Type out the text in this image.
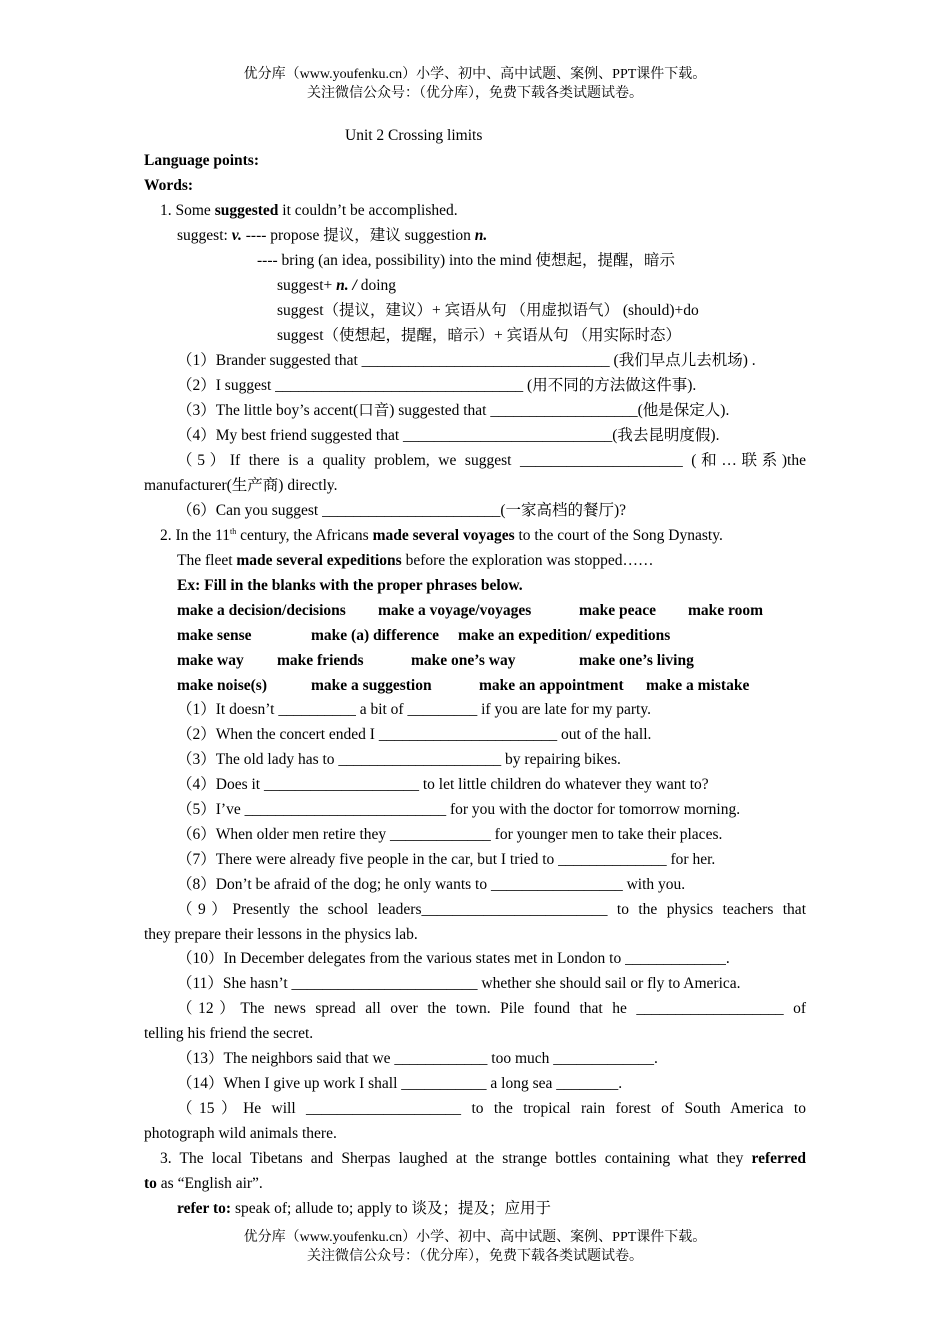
优分库（www.youfenku.cn）小学、初中、高中试题、案例、PPT课件下载。
关注微信公众号：（优分库），免费下载各类试题试卷。
Unit 2 Crossing limits
Language points:
Words:
1. Some suggested it couldn’t be accomplished.
suggest: v. ---- propose 提议，建议 suggestion n.
---- bring (an idea, possibility) into the mind 使想起，提醒，暗示
suggest+ n. / doing
suggest（提议，建议）+ 宾语从句 （用虚拟语气） (should)+do
suggest（使想起，提醒，暗示）+ 宾语从句 （用实际时态）
（1）Brander suggested that ________________________________ (我们早点儿去机场) .
（2）I suggest ________________________________ (用不同的方法做这件事).
（3）The little boy’s accent(口音) suggested that ___________________(他是保定人).
（4）My best friend suggested that ___________________________(我去昆明度假).
（5）If there is a quality problem, we suggest _____________________ (和…联系)the
manufacturer(生产商) directly.
（6）Can you suggest _______________________(一家高档的餐厅)?
2. In the 11th century, the Africans made several voyages to the court of the Song Dynasty.
The fleet made several expeditions before the exploration was stopped……
Ex: Fill in the blanks with the proper phrases below.
make a decision/decisions make a voyage/voyages	make peace make room
make sense	make (a) difference make an expedition/ expeditions
make way make friends	make one’s way	make one’s living
make noise(s)	make a suggestion	make an appointment make a mistake
（1）It doesn’t __________ a bit of _________ if you are late for my party.
（2）When the concert ended I _______________________ out of the hall.
（3）The old lady has to _____________________ by repairing bikes.
（4）Does it ____________________ to let little children do whatever they want to?
（5）I’ve __________________________ for you with the doctor for tomorrow morning.
（6）When older men retire they _____________ for younger men to take their places.
（7）There were already five people in the car, but I tried to ______________ for her.
（8）Don’t be afraid of the dog; he only wants to _________________ with you.
（9）Presently the school leaders________________________ to the physics teachers that
they prepare their lessons in the physics lab.
（10）In December delegates from the various states met in London to _____________.
（11）She hasn’t ________________________ whether she should sail or fly to America.
（12）The news spread all over the town. Pile found that he ___________________ of
telling his friend the secret.
（13）The neighbors said that we ____________ too much _____________.
（14）When I give up work I shall ___________ a long sea ________.
（15）He will ____________________ to the tropical rain forest of South America to
photograph wild animals there.
3. The local Tibetans and Sherpas laughed at the strange bottles containing what they referred
to as “English air”.
refer to: speak of; allude to; apply to 谈及；提及；应用于
优分库（www.youfenku.cn）小学、初中、高中试题、案例、PPT课件下载。
关注微信公众号：（优分库），免费下载各类试题试卷。
